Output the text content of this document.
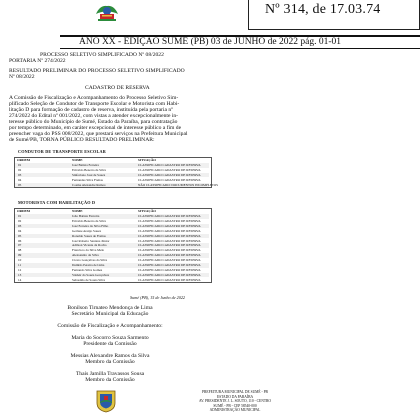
Nº 314, de 17.03.74
ANO XX - EDIÇÃO SUMÉ (PB) 03 de JUNHO de 2022 pág. 01-01
PROCESSO SELETIVO SIMPLIFICADO Nº 08/2022
PORTARIA Nº 274/2022
RESULTADO PRELIMINAR DO PROCESSO SELETIVO SIMPLIFICADO
Nº 08/2022
CADASTRO DE RESERVA
A Comissão de Fiscalização e Acompanhamento do Processo Seletivo Sim-
plificado Seleção de Condutor de Transporte Escolar e Motorista com Habi-
litação D para formação de cadastro de reserva, instituída pela portaria nº
274/2022 do Edital nº 001/2022, com vistas a atender excepcionalmente in-
teresse público do Município de Sumé, Estado da Paraíba, para contratação
por tempo determinado, em caráter excepcional de interesse público a fim de
preencher vaga do PSS 008/2022, que prestará serviços na Prefeitura Municipal
de Sumé/PB, TORNA PÚBLICO RESULTADO PRELIMINAR:
CONDUTOR DE TRANSPORTE ESCOLAR
ORDEM	NOME	SITUAÇÃO
01	José Batista Ferreira	CLASSIFICADO CADASTRO DE RESERVA
02	Erivaldo Bezerra da Silva	CLASSIFICADO CADASTRO DE RESERVA
03	Sinforiano José de Souza	CLASSIFICADO CADASTRO DE RESERVA
04	Fernandes Silva Freitas	CLASSIFICADO CADASTRO DE RESERVA
05	Cosme Alexandre Ramos	NÃO CLASSIFICADO: DOCUMENTOS INCOMPLETOS
MOTORISTA COM HABILITAÇÃO D
ORDEM	NOME	SITUAÇÃO
01	João Batista Ferreira	CLASSIFICADO CADASTRO DE RESERVA
02	Erivaldo Bezerra da Silva	CLASSIFICADO CADASTRO DE RESERVA
03	José Ferreira da Silva Filho	CLASSIFICADO CADASTRO DE RESERVA
04	Gerlane Araújo Souza	CLASSIFICADO CADASTRO DE RESERVA
05	Ronaldo Souza de Freitas	CLASSIFICADO CADASTRO DE RESERVA
06	José Roberto Santana Júnior	CLASSIFICADO CADASTRO DE RESERVA
07	Adílson Vicente da Rocha	CLASSIFICADO CADASTRO DE RESERVA
08	Francisco da Silva Melo	CLASSIFICADO CADASTRO DE RESERVA
09	Alexsandro da Silva	CLASSIFICADO CADASTRO DE RESERVA
10	Cícero Gonçalves da Silva	CLASSIFICADO CADASTRO DE RESERVA
11	Damião Pereira de Lima	CLASSIFICADO CADASTRO DE RESERVA
12	Fernando Silva Gomes	CLASSIFICADO CADASTRO DE RESERVA
13	Valdeir da Souza Gonçalves	CLASSIFICADO CADASTRO DE RESERVA
14	Sebastião de Souza Silva	CLASSIFICADO CADASTRO DE RESERVA
Sumé (PB), 15 de Junho de 2022
Bonilson Tirnateo Mendonça de Lima
Secretário Municipal da Educação
Comissão de Fiscalização e Acompanhamento:
Maria do Socorro Souza Sarmento
Presidente da Comissão
Messias Alexandre Ramos da Silva
Membro da Comissão
Thaís Jamilla Travassos Sousa
Membro da Comissão
PREFEITURA MUNICIPAL DE SUMÉ - PB
ESTADO DA PARAÍBA
AV. PRESIDENTE J. L. SOUTO, 110 - CENTRO
SUMÉ - PB - CEP 58540-000
ADMINISTRAÇÃO MUNICIPAL
